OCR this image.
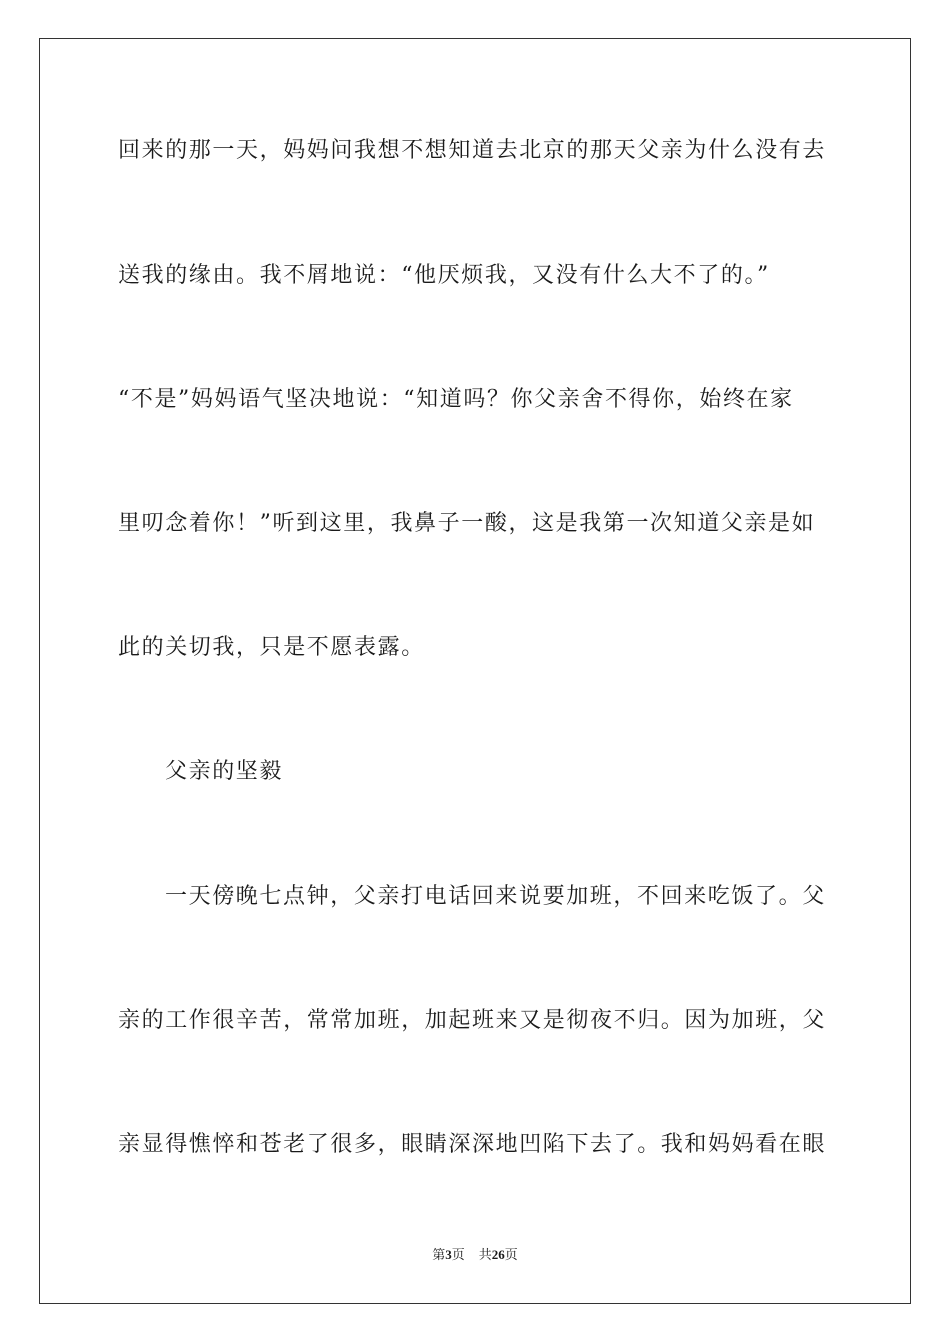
回来的那一天，妈妈问我想不想知道去北京的那天父亲为什么没有去
送我的缘由。我不屑地说：“他厌烦我，又没有什么大不了的。”
“不是”妈妈语气坚决地说：“知道吗？你父亲舍不得你，始终在家
里叨念着你！”听到这里，我鼻子一酸，这是我第一次知道父亲是如
此的关切我，只是不愿表露。
父亲的坚毅
一天傍晚七点钟，父亲打电话回来说要加班，不回来吃饭了。父
亲的工作很辛苦，常常加班，加起班来又是彻夜不归。因为加班，父
亲显得憔悴和苍老了很多，眼睛深深地凹陷下去了。我和妈妈看在眼
第3页 共26页
